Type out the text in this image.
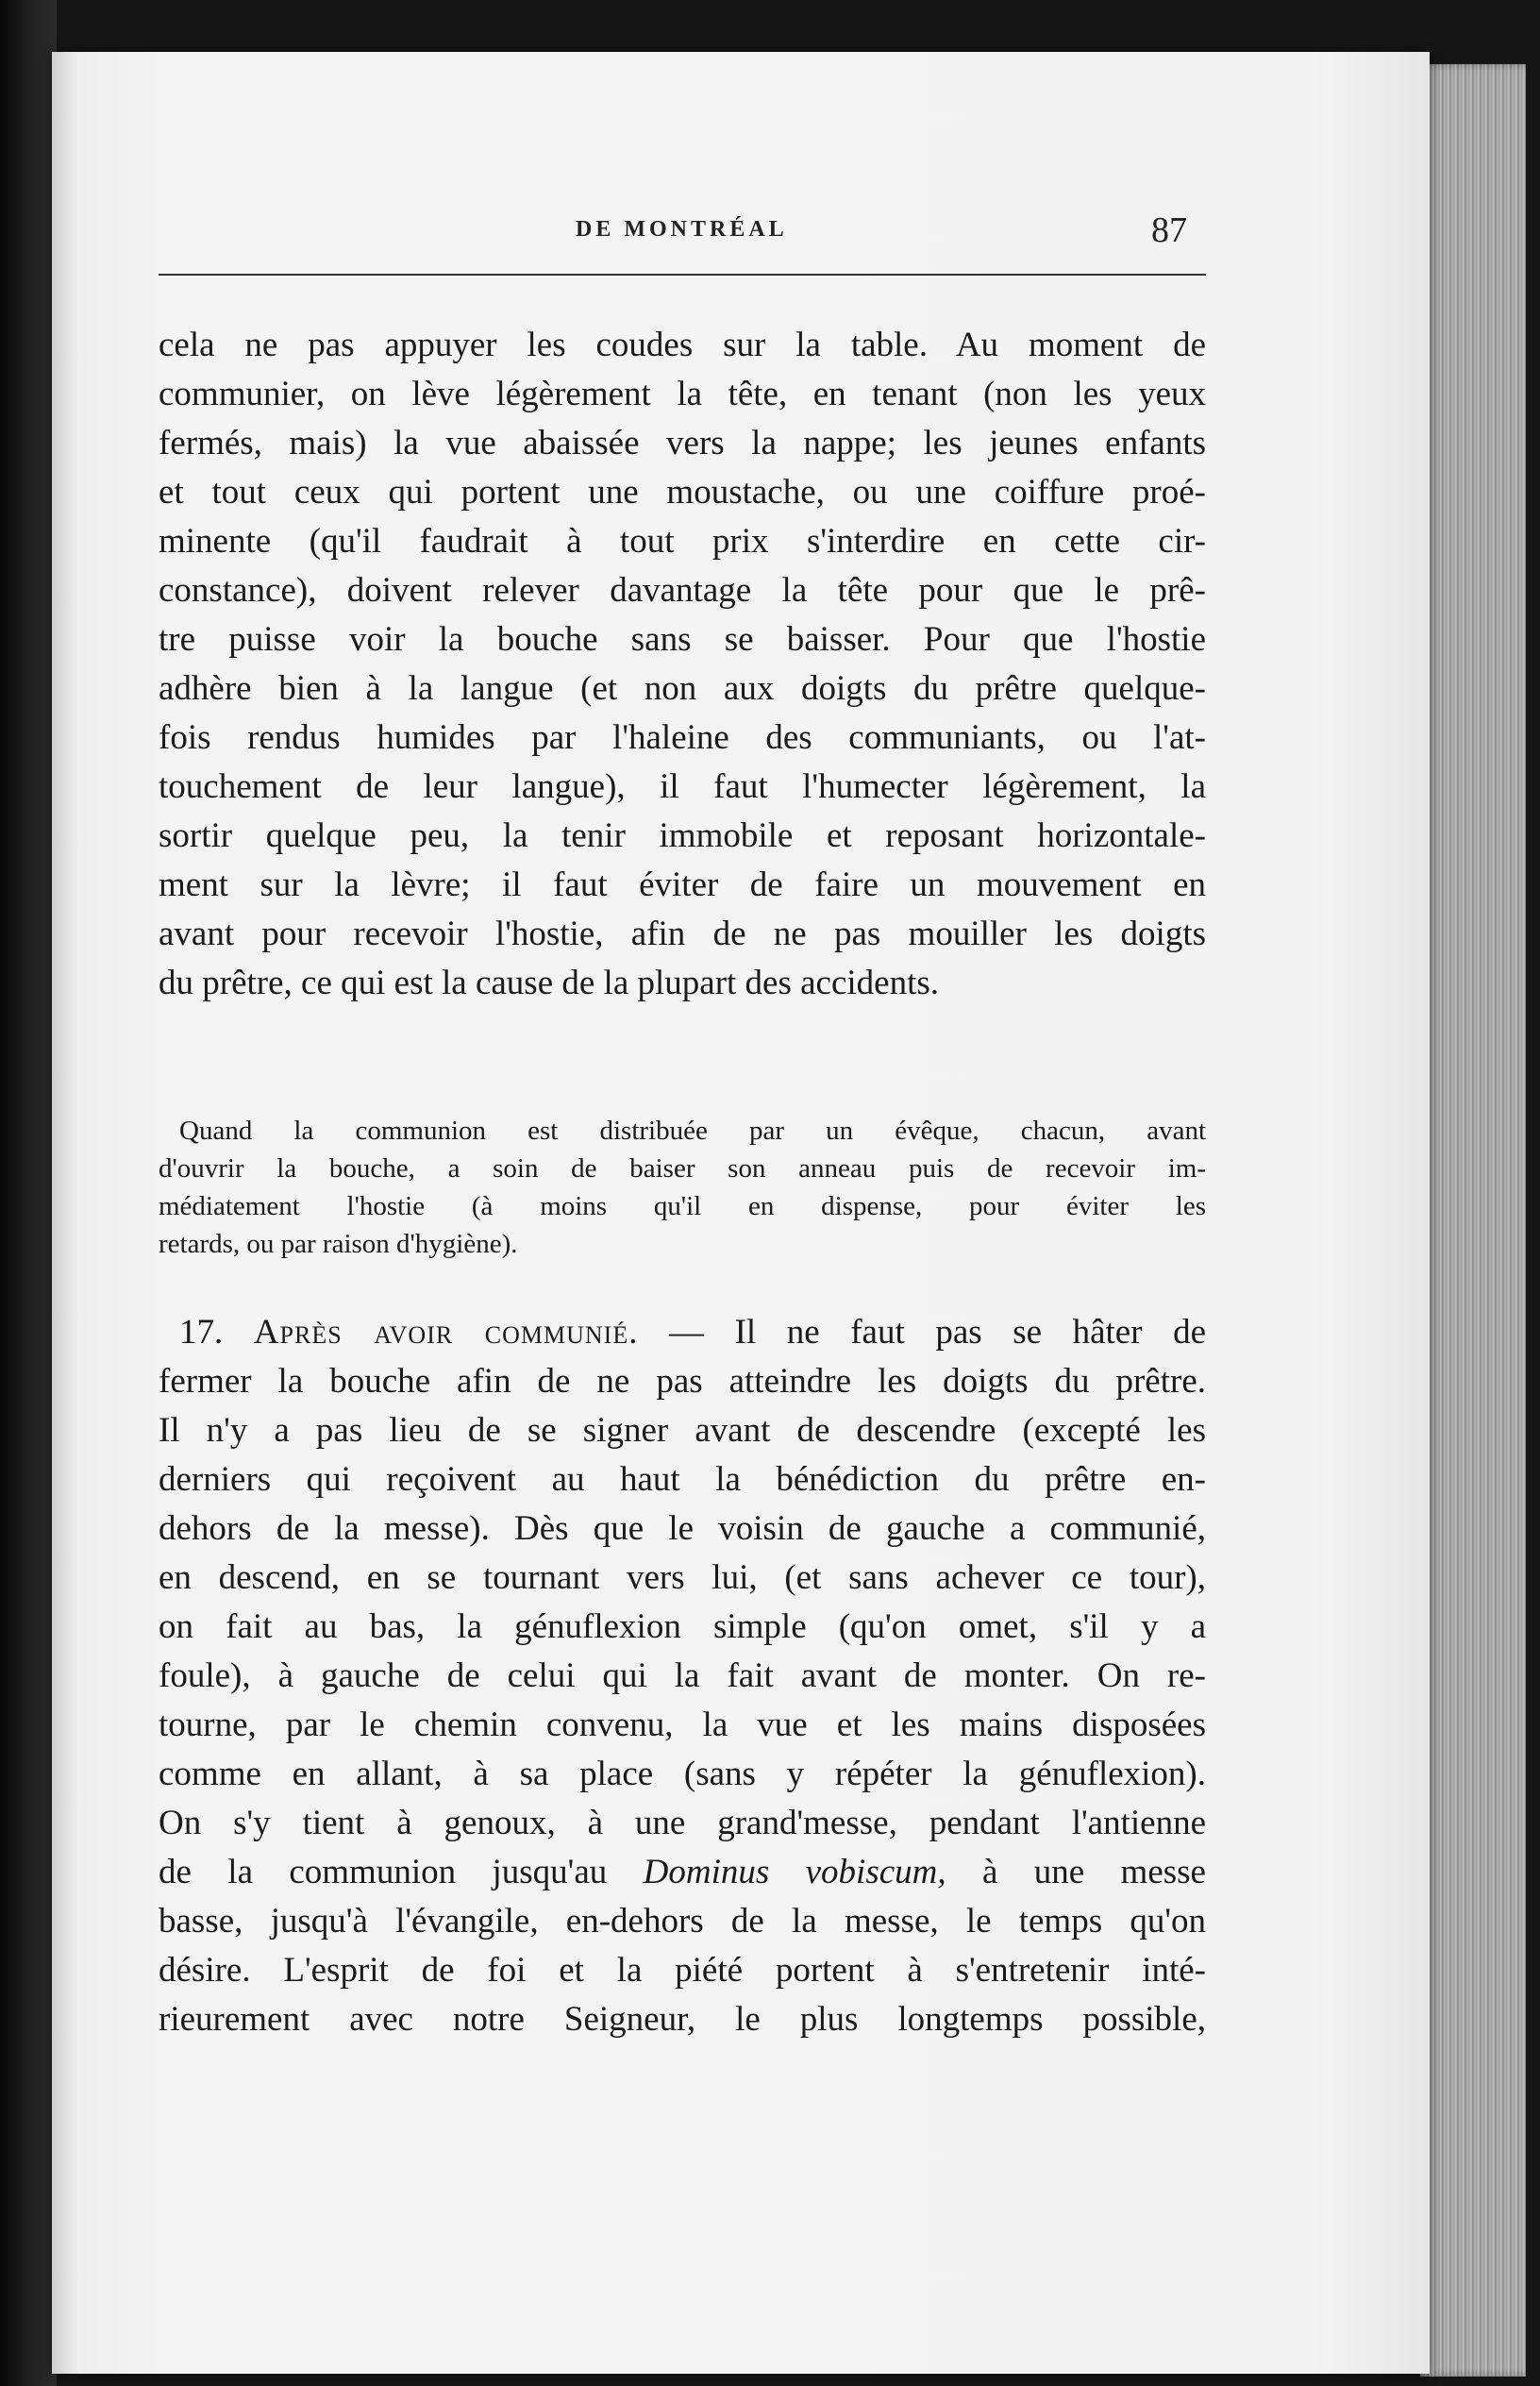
DE MONTRÉAL	87
cela ne pas appuyer les coudes sur la table. Au moment de
communier, on lève légèrement la tête, en tenant (non les yeux
fermés, mais) la vue abaissée vers la nappe; les jeunes enfants
et tout ceux qui portent une moustache, ou une coiffure proé-
minente (qu'il faudrait à tout prix s'interdire en cette cir-
constance), doivent relever davantage la tête pour que le prê-
tre puisse voir la bouche sans se baisser. Pour que l'hostie
adhère bien à la langue (et non aux doigts du prêtre quelque-
fois rendus humides par l'haleine des communiants, ou l'at-
touchement de leur langue), il faut l'humecter légèrement, la
sortir quelque peu, la tenir immobile et reposant horizontale-
ment sur la lèvre; il faut éviter de faire un mouvement en
avant pour recevoir l'hostie, afin de ne pas mouiller les doigts
du prêtre, ce qui est la cause de la plupart des accidents.
Quand la communion est distribuée par un évêque, chacun, avant
d'ouvrir la bouche, a soin de baiser son anneau puis de recevoir im-
médiatement l'hostie (à moins qu'il en dispense, pour éviter les
retards, ou par raison d'hygiène).
17. Après avoir communié. — Il ne faut pas se hâter de
fermer la bouche afin de ne pas atteindre les doigts du prêtre.
Il n'y a pas lieu de se signer avant de descendre (excepté les
derniers qui reçoivent au haut la bénédiction du prêtre en-
dehors de la messe). Dès que le voisin de gauche a communié,
en descend, en se tournant vers lui, (et sans achever ce tour),
on fait au bas, la génuflexion simple (qu'on omet, s'il y a
foule), à gauche de celui qui la fait avant de monter. On re-
tourne, par le chemin convenu, la vue et les mains disposées
comme en allant, à sa place (sans y répéter la génuflexion).
On s'y tient à genoux, à une grand'messe, pendant l'antienne
de la communion jusqu'au Dominus vobiscum, à une messe
basse, jusqu'à l'évangile, en-dehors de la messe, le temps qu'on
désire. L'esprit de foi et la piété portent à s'entretenir inté-
rieurement avec notre Seigneur, le plus longtemps possible,
